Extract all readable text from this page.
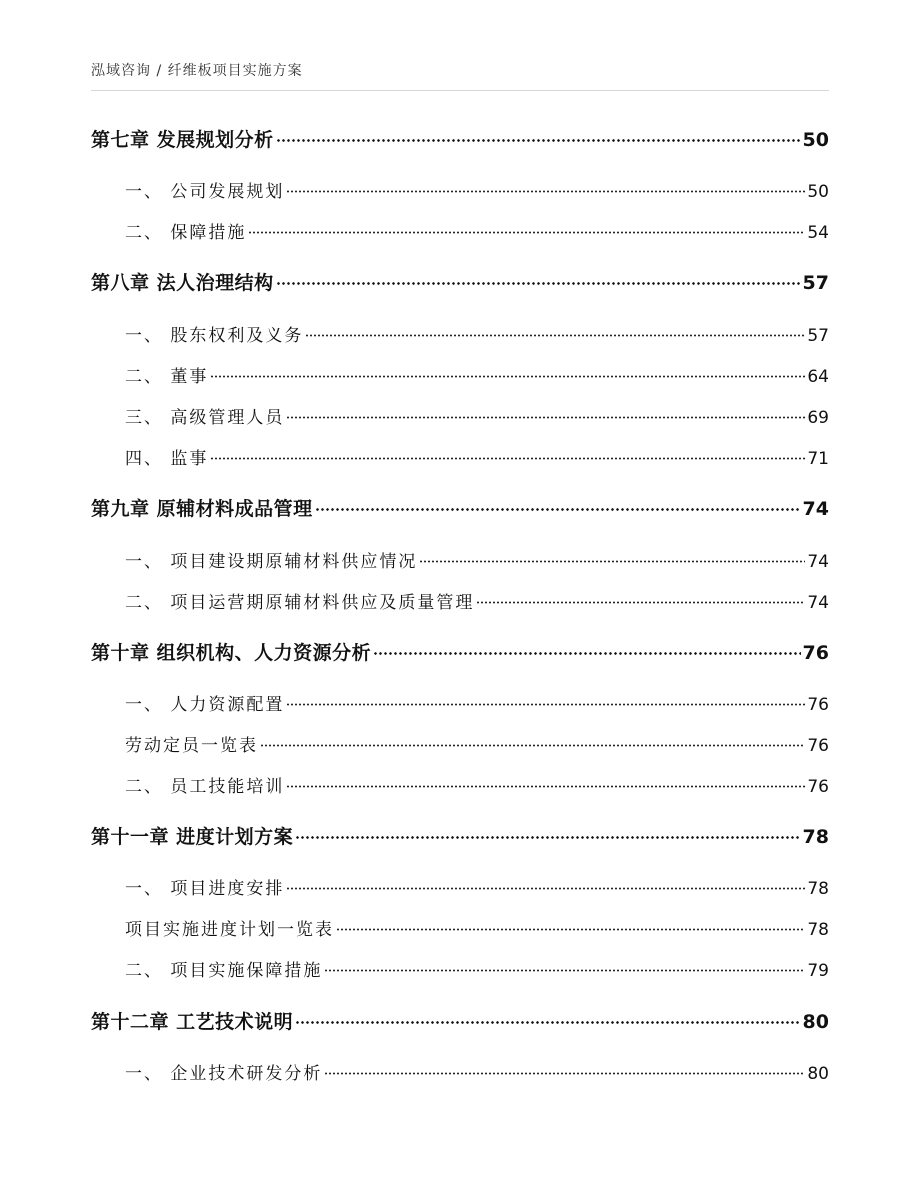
泓域咨询 / 纤维板项目实施方案
第七章 发展规划分析	50
一、 公司发展规划	50
二、 保障措施	54
第八章 法人治理结构	57
一、 股东权利及义务	57
二、 董事	64
三、 高级管理人员	69
四、 监事	71
第九章 原辅材料成品管理	74
一、 项目建设期原辅材料供应情况	74
二、 项目运营期原辅材料供应及质量管理	74
第十章 组织机构、人力资源分析	76
一、 人力资源配置	76
劳动定员一览表	76
二、 员工技能培训	76
第十一章 进度计划方案	78
一、 项目进度安排	78
项目实施进度计划一览表	78
二、 项目实施保障措施	79
第十二章 工艺技术说明	80
一、 企业技术研发分析	80
